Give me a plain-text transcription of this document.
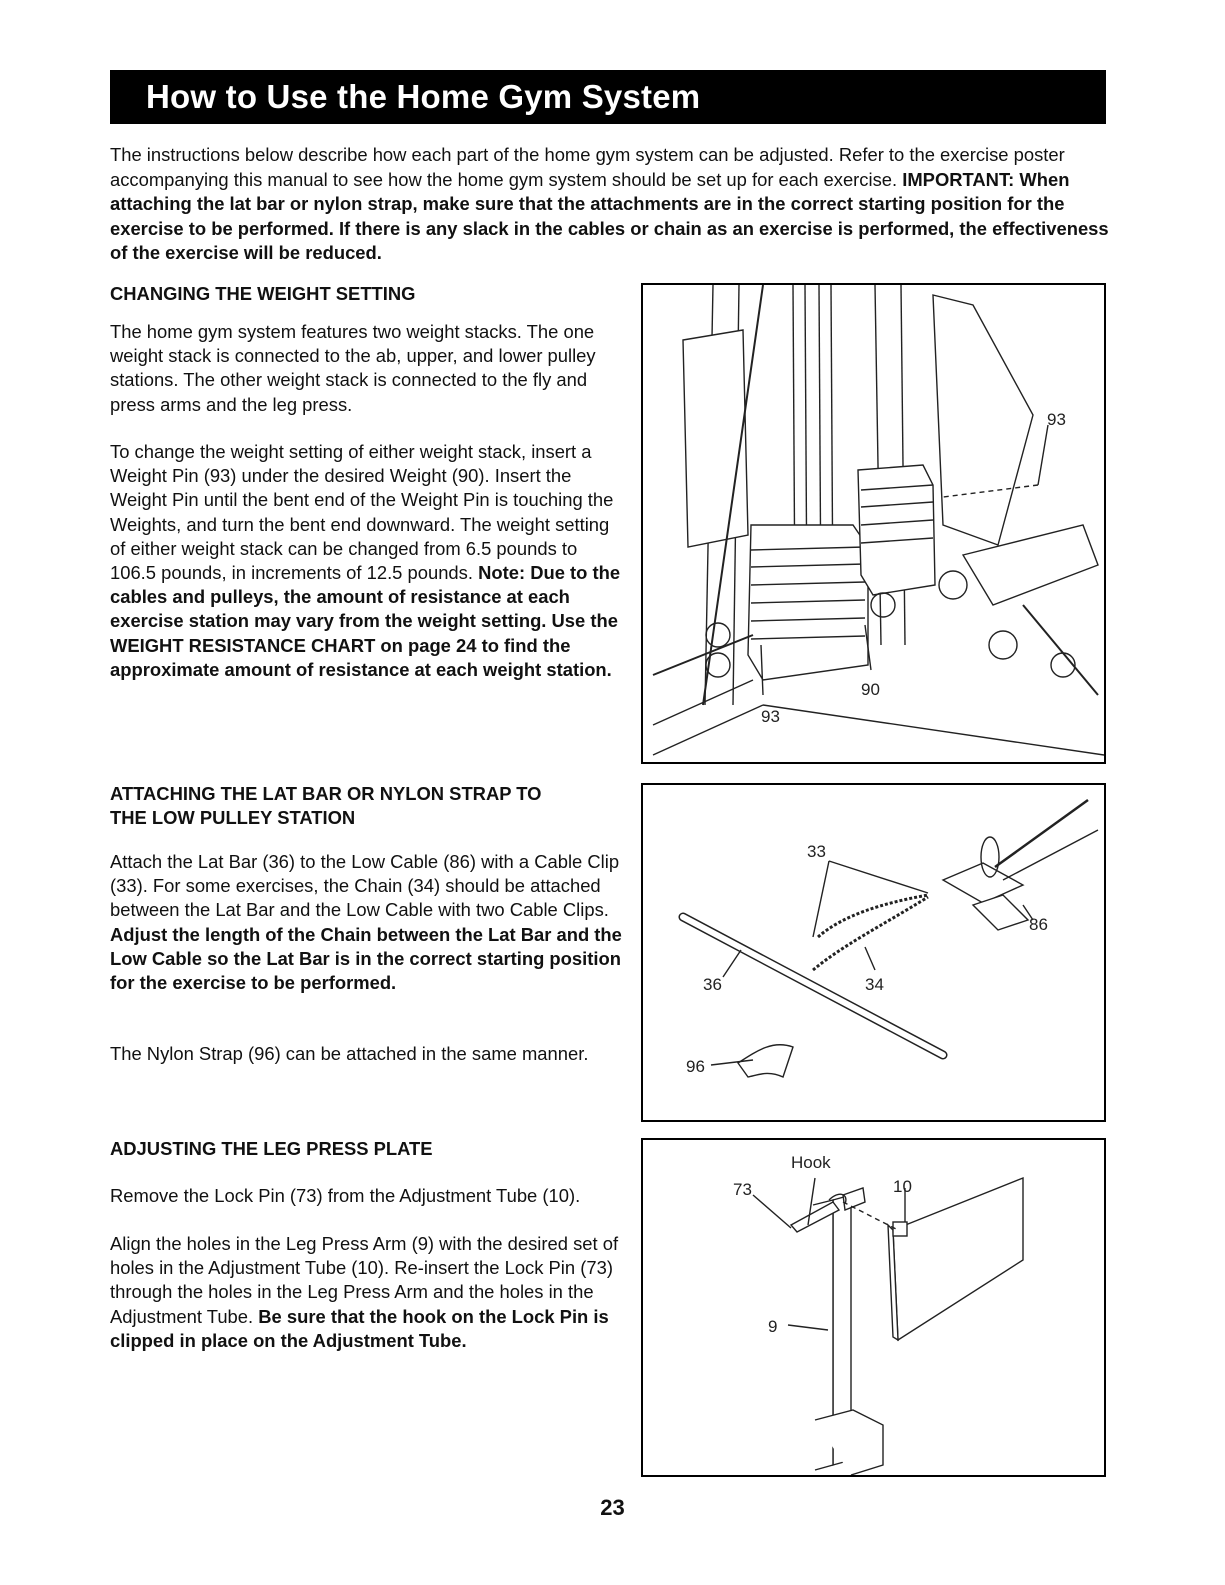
How to Use the Home Gym System

The instructions below describe how each part of the home gym system can be adjusted. Refer to the exercise poster accompanying this manual to see how the home gym system should be set up for each exercise. IMPORTANT: When attaching the lat bar or nylon strap, make sure that the attachments are in the correct starting position for the exercise to be performed. If there is any slack in the cables or chain as an exercise is performed, the effectiveness of the exercise will be reduced.

CHANGING THE WEIGHT SETTING

The home gym system features two weight stacks. The one weight stack is connected to the ab, upper, and lower pulley stations. The other weight stack is connected to the fly and press arms and the leg press.

To change the weight setting of either weight stack, insert a Weight Pin (93) under the desired Weight (90). Insert the Weight Pin until the bent end of the Weight Pin is touching the Weights, and turn the bent end downward. The weight setting of either weight stack can be changed from 6.5 pounds to 106.5 pounds, in increments of 12.5 pounds. Note: Due to the cables and pulleys, the amount of resistance at each exercise station may vary from the weight setting. Use the WEIGHT RESISTANCE CHART on page 24 to find the approximate amount of resistance at each weight station.

93
93
90
ATTACHING THE LAT BAR OR NYLON STRAP TO
THE LOW PULLEY STATION

Attach the Lat Bar (36) to the Low Cable (86) with a Cable Clip (33). For some exercises, the Chain (34) should be attached between the Lat Bar and the Low Cable with two Cable Clips. Adjust the length of the Chain between the Lat Bar and the Low Cable so the Lat Bar is in the correct starting position for the exercise to be performed.

The Nylon Strap (96) can be attached in the same manner.

33
86
36	34
96
ADJUSTING THE LEG PRESS PLATE

Remove the Lock Pin (73) from the Adjustment Tube (10).

Align the holes in the Leg Press Arm (9) with the desired set of holes in the Adjustment Tube (10). Re-insert the Lock Pin (73) through the holes in the Leg Press Arm and the holes in the Adjustment Tube. Be sure that the hook on the Lock Pin is clipped in place on the Adjustment Tube.

Hook
73	10
9
23
